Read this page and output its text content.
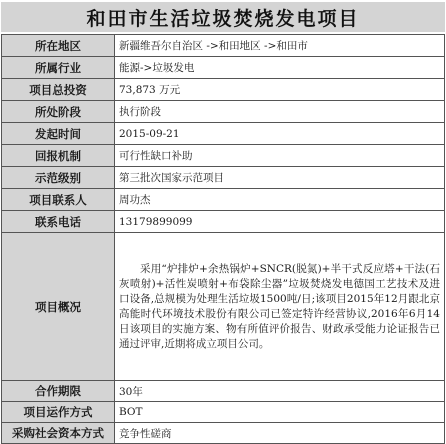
和田市生活垃圾焚烧发电项目
所在地区	新疆维吾尔自治区 ->和田地区 ->和田市
所属行业	能源->垃圾发电
项目总投资	73,873 万元
所处阶段	执行阶段
发起时间	2015-09-21
回报机制	可行性缺口补助
示范级别	第三批次国家示范项目
项目联系人	周功杰
联系电话	13179899099
项目概况	采用“炉排炉+余热锅炉+SNCR(脱氮)+半干式反应塔+干法(石灰喷射)+活性炭喷射+布袋除尘器”垃圾焚烧发电德国工艺技术及进口设备,总规模为处理生活垃圾1500吨/日;该项目2015年12月跟北京高能时代环境技术股份有限公司已签定特许经营协议,2016年6月14日该项目的实施方案、物有所值评价报告、财政承受能力论证报告已通过评审,近期将成立项目公司。
合作期限	30年
项目运作方式	BOT
采购社会资本方式	竞争性磋商
